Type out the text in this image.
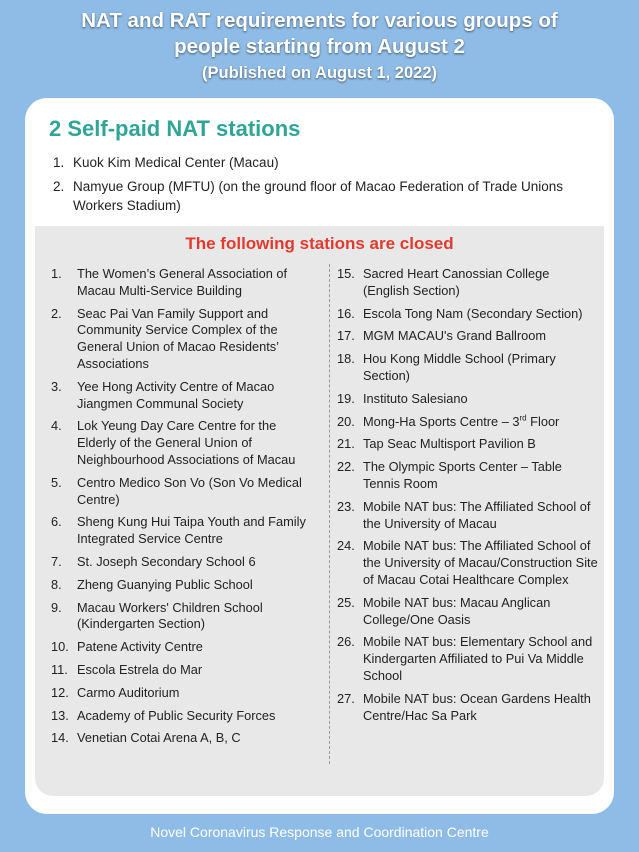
NAT and RAT requirements for various groups of people starting from August 2
(Published on August 1, 2022)
2 Self-paid NAT stations
1. Kuok Kim Medical Center (Macau)
2. Namyue Group (MFTU) (on the ground floor of Macao Federation of Trade Unions Workers Stadium)
The following stations are closed
1.	The Women’s General Association of Macau Multi-Service Building
2.	Seac Pai Van Family Support and Community Service Complex of the General Union of Macao Residents’ Associations
3.	Yee Hong Activity Centre of Macao Jiangmen Communal Society
4.	Lok Yeung Day Care Centre for the Elderly of the General Union of Neighbourhood Associations of Macau
5.	Centro Medico Son Vo (Son Vo Medical Centre)
6.	Sheng Kung Hui Taipa Youth and Family Integrated Service Centre
7.	St. Joseph Secondary School 6
8.	Zheng Guanying Public School
9.	Macau Workers' Children School (Kindergarten Section)
10. Patene Activity Centre
11. Escola Estrela do Mar
12. Carmo Auditorium
13. Academy of Public Security Forces
14. Venetian Cotai Arena A, B, C
15. Sacred Heart Canossian College (English Section)
16. Escola Tong Nam (Secondary Section)
17. MGM MACAU's Grand Ballroom
18. Hou Kong Middle School (Primary Section)
19. Instituto Salesiano
20. Mong-Ha Sports Centre – 3rd Floor
21. Tap Seac Multisport Pavilion B
22. The Olympic Sports Center – Table Tennis Room
23. Mobile NAT bus: The Affiliated School of the University of Macau
24. Mobile NAT bus: The Affiliated School of the University of Macau/Construction Site of Macau Cotai Healthcare Complex
25. Mobile NAT bus: Macau Anglican College/One Oasis
26. Mobile NAT bus: Elementary School and Kindergarten Affiliated to Pui Va Middle School
27. Mobile NAT bus: Ocean Gardens Health Centre/Hac Sa Park
Novel Coronavirus Response and Coordination Centre
